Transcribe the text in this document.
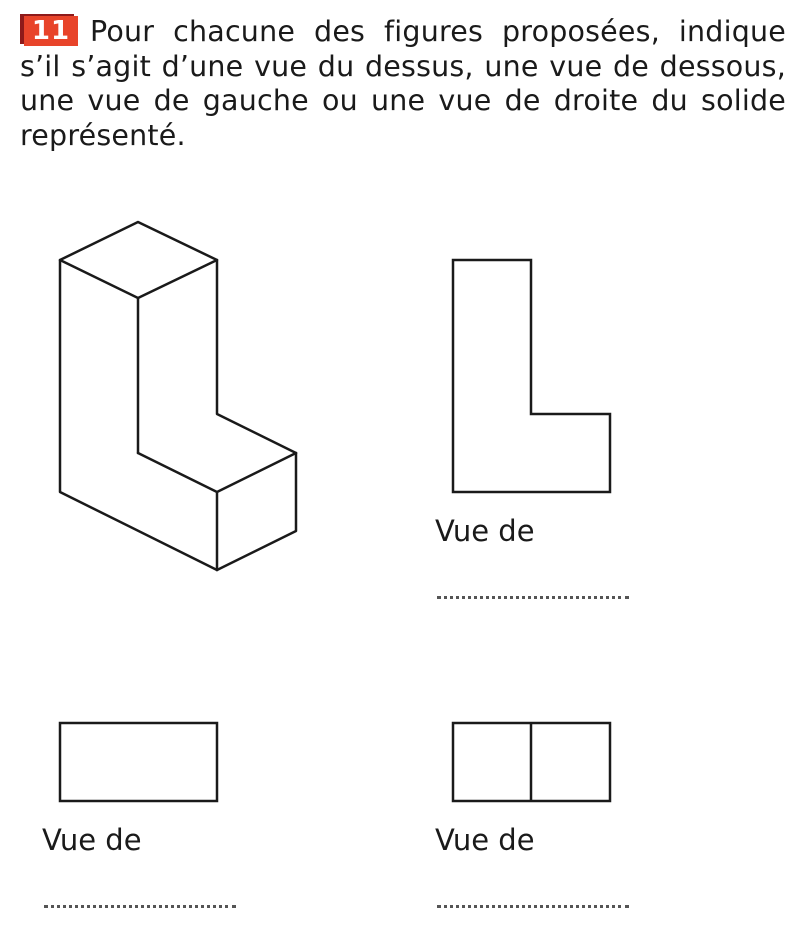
11 Pour chacune des figures proposées, indique s’il s’agit d’une vue du dessus, une vue de dessous, une vue de gauche ou une vue de droite du solide représenté.
Vue de
Vue de	Vue de
